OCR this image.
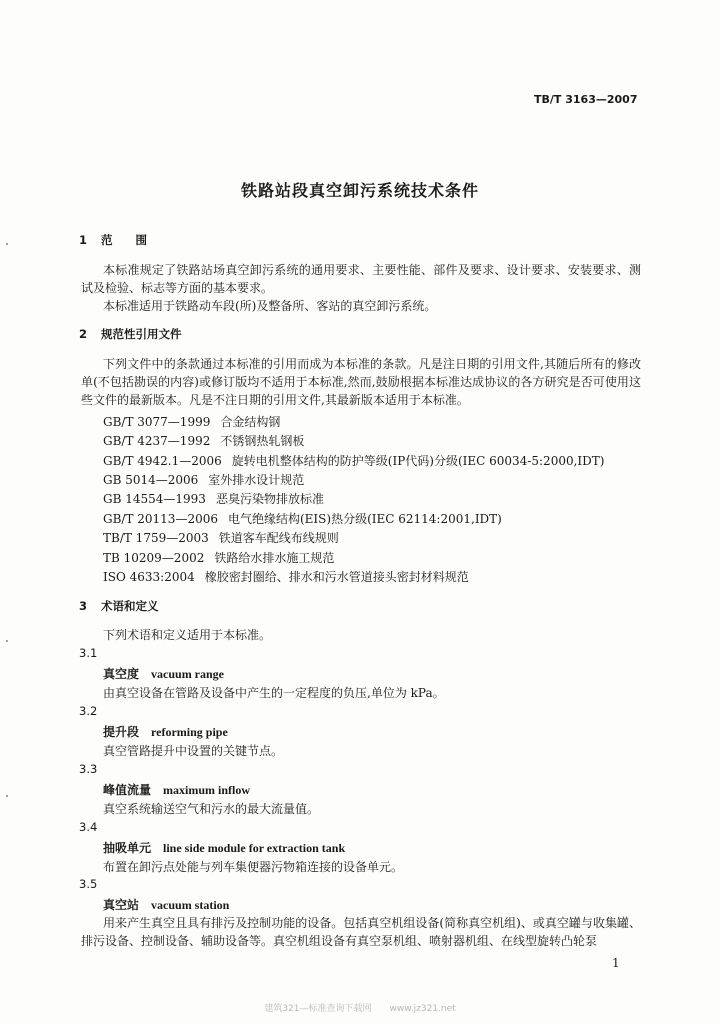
TB/T 3163—2007
铁路站段真空卸污系统技术条件
1 范　　围
本标准规定了铁路站场真空卸污系统的通用要求、主要性能、部件及要求、设计要求、安装要求、测试及检验、标志等方面的基本要求。
本标准适用于铁路动车段(所)及整备所、客站的真空卸污系统。
2 规范性引用文件
下列文件中的条款通过本标准的引用而成为本标准的条款。凡是注日期的引用文件,其随后所有的修改单(不包括勘误的内容)或修订版均不适用于本标准,然而,鼓励根据本标准达成协议的各方研究是否可使用这些文件的最新版本。凡是不注日期的引用文件,其最新版本适用于本标准。
GB/T 3077—1999 合金结构钢
GB/T 4237—1992 不锈钢热轧钢板
GB/T 4942.1—2006 旋转电机整体结构的防护等级(IP代码)分级(IEC 60034-5:2000,IDT)
GB 5014—2006 室外排水设计规范
GB 14554—1993 恶臭污染物排放标准
GB/T 20113—2006 电气绝缘结构(EIS)热分级(IEC 62114:2001,IDT)
TB/T 1759—2003 铁道客车配线布线规则
TB 10209—2002 铁路给水排水施工规范
ISO 4633:2004 橡胶密封圈给、排水和污水管道接头密封材料规范
3 术语和定义
下列术语和定义适用于本标准。
3.1
真空度 vacuum range
由真空设备在管路及设备中产生的一定程度的负压,单位为 kPa。
3.2
提升段 reforming pipe
真空管路提升中设置的关键节点。
3.3
峰值流量 maximum inflow
真空系统输送空气和污水的最大流量值。
3.4
抽吸单元 line side module for extraction tank
布置在卸污点处能与列车集便器污物箱连接的设备单元。
3.5
真空站 vacuum station
用来产生真空且具有排污及控制功能的设备。包括真空机组设备(简称真空机组)、或真空罐与收集罐、排污设备、控制设备、辅助设备等。真空机组设备有真空泵机组、喷射器机组、在线型旋转凸轮泵
1
建筑321—标准查询下载网　　www.jz321.net
